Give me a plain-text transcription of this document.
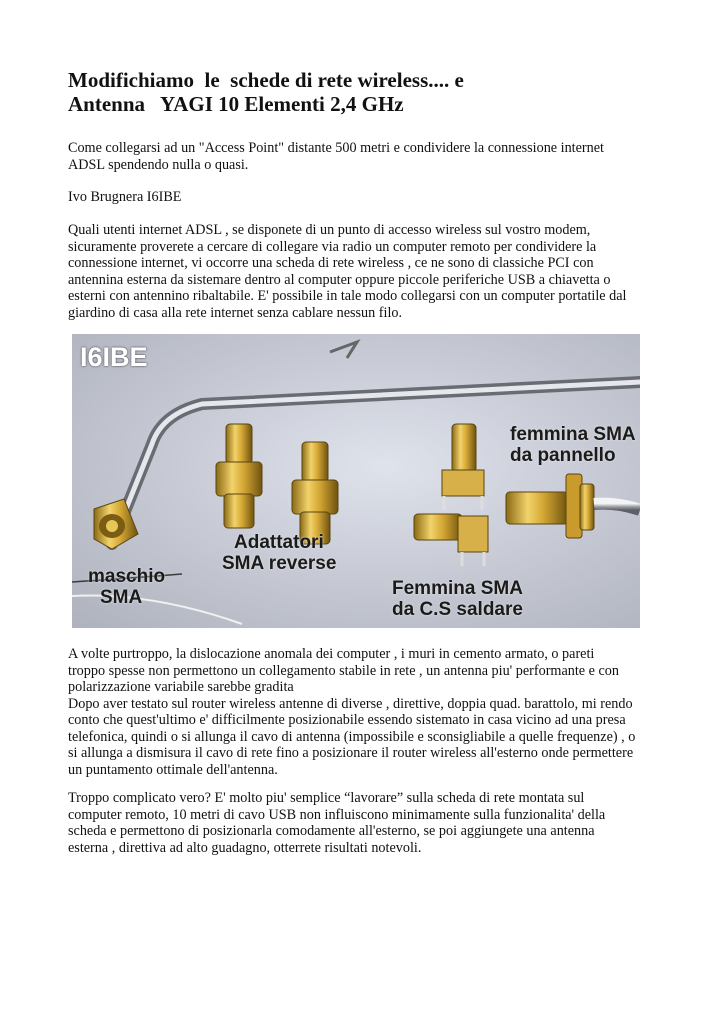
Modifichiamo  le  schede di rete wireless.... e
Antenna   YAGI 10 Elementi 2,4 GHz
Come collegarsi ad un "Access Point" distante 500 metri e condividere la connessione internet
ADSL spendendo nulla o quasi.
Ivo Brugnera I6IBE
Quali utenti internet ADSL , se disponete di un punto di accesso wireless sul vostro modem,
sicuramente proverete a cercare di collegare via radio un computer remoto per condividere la
connessione internet, vi occorre una scheda di rete wireless , ce ne sono di classiche PCI con
antennina esterna da sistemare dentro al computer oppure piccole periferiche USB a chiavetta o
esterni con antennino ribaltabile. E' possibile in tale modo collegarsi con un computer portatile dal
giardino di casa alla rete internet senza cablare nessun filo.
I6IBE
femmina SMA
da pannello
Adattatori
SMA reverse
maschio
SMA	Femmina SMA
da C.S saldare
A volte purtroppo, la dislocazione anomala dei computer , i muri in cemento armato, o pareti
troppo spesse non permettono un collegamento stabile in rete , un antenna piu' performante e con
polarizzazione variabile sarebbe gradita
Dopo aver testato sul router wireless antenne di diverse , direttive, doppia quad. barattolo, mi rendo
conto che quest'ultimo e' difficilmente posizionabile essendo sistemato in casa vicino ad una presa
telefonica, quindi o si allunga il cavo di antenna (impossibile e sconsigliabile a quelle frequenze) , o
si allunga a dismisura il cavo di rete fino a posizionare il router wireless all'esterno onde permettere
un puntamento ottimale dell'antenna.
Troppo complicato vero? E' molto piu' semplice “lavorare” sulla scheda di rete montata sul
computer remoto, 10 metri di cavo USB non influiscono minimamente sulla funzionalita' della
scheda e permettono di posizionarla comodamente all'esterno, se poi aggiungete una antenna
esterna , direttiva ad alto guadagno, otterrete risultati notevoli.
